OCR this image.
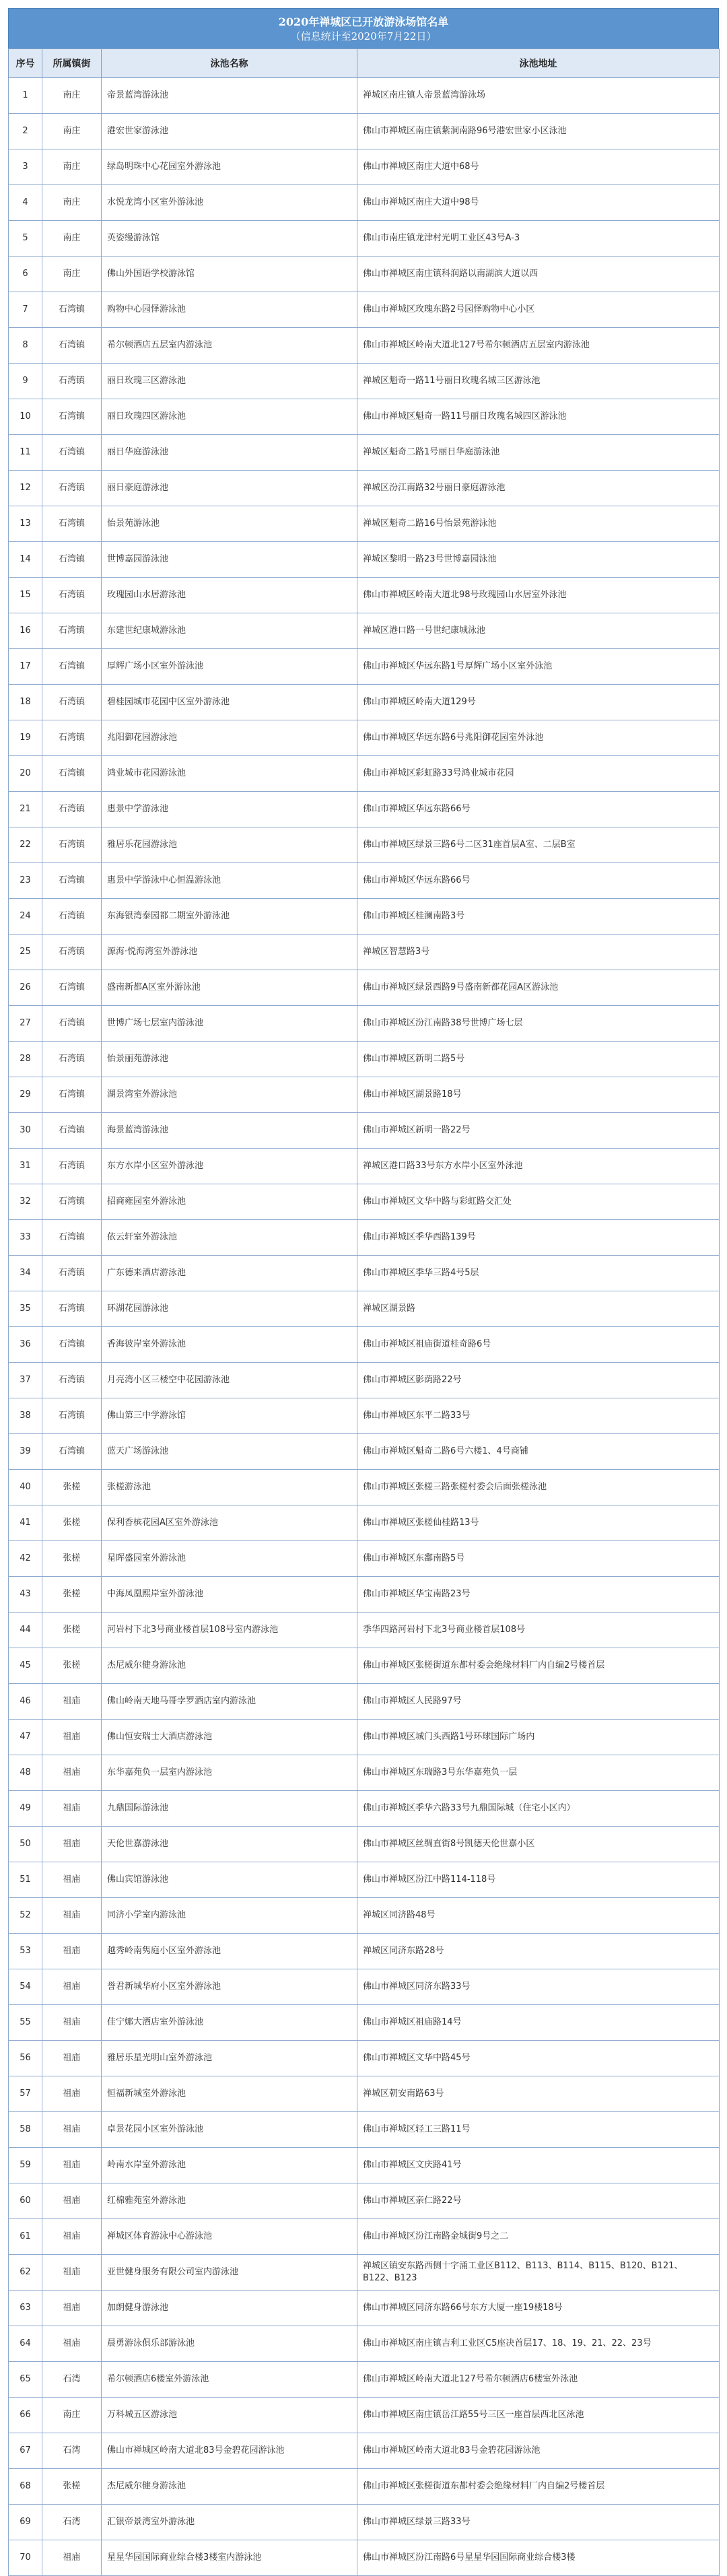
2020年禅城区已开放游泳场馆名单
（信息统计至2020年7月22日）
序号	所属镇街	泳池名称	泳池地址
1	南庄	帝景蓝湾游泳池	禅城区南庄镇人帝景蓝湾游泳场
2	南庄	港宏世家游泳池	佛山市禅城区南庄镇紫洞南路96号港宏世家小区泳池
3	南庄	绿岛明珠中心花园室外游泳池	佛山市禅城区南庄大道中68号
4	南庄	水悦龙湾小区室外游泳池	佛山市禅城区南庄大道中98号
5	南庄	英姿缦游泳馆	佛山市南庄镇龙津村光明工业区43号A-3
6	南庄	佛山外国语学校游泳馆	佛山市禅城区南庄镇科润路以南湖滨大道以西
7	石湾镇	购物中心园怿游泳池	佛山市禅城区玫瑰东路2号园怿购物中心小区
8	石湾镇	希尔顿酒店五层室内游泳池	佛山市禅城区岭南大道北127号希尔顿酒店五层室内游泳池
9	石湾镇	丽日玫瑰三区游泳池	禅城区魁奇一路11号丽日玫瑰名城三区游泳池
10	石湾镇	丽日玫瑰四区游泳池	佛山市禅城区魁奇一路11号丽日玫瑰名城四区游泳池
11	石湾镇	丽日华庭游泳池	禅城区魁奇二路1号丽日华庭游泳池
12	石湾镇	丽日豪庭游泳池	禅城区汾江南路32号丽日豪庭游泳池
13	石湾镇	怡景苑游泳池	禅城区魁奇二路16号怡景苑游泳池
14	石湾镇	世博嘉园游泳池	禅城区黎明一路23号世博嘉园泳池
15	石湾镇	玫瑰园山水居游泳池	佛山市禅城区岭南大道北98号玫瑰园山水居室外泳池
16	石湾镇	东建世纪康城游泳池	禅城区港口路一号世纪康城泳池
17	石湾镇	厚辉广场小区室外游泳池	佛山市禅城区华远东路1号厚辉广场小区室外泳池
18	石湾镇	碧桂园城市花园中区室外游泳池	佛山市禅城区岭南大道129号
19	石湾镇	兆阳御花园游泳池	佛山市禅城区华远东路6号兆阳御花园室外泳池
20	石湾镇	鸿业城市花园游泳池	佛山市禅城区彩虹路33号鸿业城市花园
21	石湾镇	惠景中学游泳池	佛山市禅城区华远东路66号
22	石湾镇	雅居乐花园游泳池	佛山市禅城区绿景三路6号二区31座首层A室、二层B室
23	石湾镇	惠景中学游泳中心恒温游泳池	佛山市禅城区华远东路66号
24	石湾镇	东海银湾泰园都二期室外游泳池	佛山市禅城区桂澜南路3号
25	石湾镇	源海·悦海湾室外游泳池	禅城区智慧路3号
26	石湾镇	盛南新都A区室外游泳池	佛山市禅城区绿景西路9号盛南新都花园A区游泳池
27	石湾镇	世博广场七层室内游泳池	佛山市禅城区汾江南路38号世博广场七层
28	石湾镇	怡景丽苑游泳池	佛山市禅城区新明二路5号
29	石湾镇	湖景湾室外游泳池	佛山市禅城区湖景路18号
30	石湾镇	海景蓝湾游泳池	佛山市禅城区新明一路22号
31	石湾镇	东方水岸小区室外游泳池	禅城区港口路33号东方水岸小区室外泳池
32	石湾镇	招商雍园室外游泳池	佛山市禅城区文华中路与彩虹路交汇处
33	石湾镇	依云轩室外游泳池	佛山市禅城区季华西路139号
34	石湾镇	广东德来酒店游泳池	佛山市禅城区季华三路4号5层
35	石湾镇	环湖花园游泳池	禅城区湖景路
36	石湾镇	香海彼岸室外游泳池	佛山市禅城区祖庙街道桂奇路6号
37	石湾镇	月亮湾小区三楼空中花园游泳池	佛山市禅城区影荫路22号
38	石湾镇	佛山第三中学游泳馆	佛山市禅城区东平二路33号
39	石湾镇	蓝天广场游泳池	佛山市禅城区魁奇二路6号六楼1、4号商铺
40	张槎	张槎游泳池	佛山市禅城区张槎三路张槎村委会后面张槎泳池
41	张槎	保利香槟花园A区室外游泳池	佛山市禅城区张槎仙桂路13号
42	张槎	星晖盛园室外游泳池	佛山市禅城区东鄱南路5号
43	张槎	中海凤凰熙岸室外游泳池	佛山市禅城区华宝南路23号
44	张槎	河岩村下北3号商业楼首层108号室内游泳池	季华四路河岩村下北3号商业楼首层108号
45	张槎	杰尼威尔健身游泳池	佛山市禅城区张槎街道东都村委会绝缘材料厂内自编2号楼首层
46	祖庙	佛山岭南天地马哥孛罗酒店室内游泳池	佛山市禅城区人民路97号
47	祖庙	佛山恒安瑞士大酒店游泳池	佛山市禅城区城门头西路1号环球国际广场内
48	祖庙	东华嘉苑负一层室内游泳池	佛山市禅城区东瑞路3号东华嘉苑负一层
49	祖庙	九鼎国际游泳池	佛山市禅城区季华六路33号九鼎国际城（住宅小区内）
50	祖庙	天伦世嘉游泳池	佛山市禅城区丝绸直街8号凯德天伦世嘉小区
51	祖庙	佛山宾馆游泳池	佛山市禅城区汾江中路114-118号
52	祖庙	同济小学室内游泳池	禅城区同济路48号
53	祖庙	越秀岭南隽庭小区室外游泳池	禅城区同济东路28号
54	祖庙	誉君新城华府小区室外游泳池	佛山市禅城区同济东路33号
55	祖庙	佳宁娜大酒店室外游泳池	佛山市禅城区祖庙路14号
56	祖庙	雅居乐星光明山室外游泳池	佛山市禅城区文华中路45号
57	祖庙	恒福新城室外游泳池	禅城区朝安南路63号
58	祖庙	卓景花园小区室外游泳池	佛山市禅城区轻工三路11号
59	祖庙	岭南水岸室外游泳池	佛山市禅城区文庆路41号
60	祖庙	红棉雅苑室外游泳池	佛山市禅城区亲仁路22号
61	祖庙	禅城区体育游泳中心游泳池	佛山市禅城区汾江南路金城街9号之二
62	祖庙	亚世健身服务有限公司室内游泳池	禅城区镇安东路西侧十字涌工业区B112、B113、B114、B115、B120、B121、B122、B123
63	祖庙	加朗健身游泳池	佛山市禅城区同济东路66号东方大厦一座19楼18号
64	祖庙	晨勇游泳俱乐部游泳池	佛山市禅城区南庄镇吉利工业区C5座决首层17、18、19、21、22、23号
65	石湾	希尔顿酒店6楼室外游泳池	佛山市禅城区岭南大道北127号希尔顿酒店6楼室外泳池
66	南庄	万科城五区游泳池	佛山市禅城区南庄镇岳江路55号三区一座首层西北区泳池
67	石湾	佛山市禅城区岭南大道北83号金碧花园游泳池	佛山市禅城区岭南大道北83号金碧花园游泳池
68	张槎	杰尼威尔健身游泳池	佛山市禅城区张槎街道东都村委会绝缘材料厂内自编2号楼首层
69	石湾	汇银帝景湾室外游泳池	佛山市禅城区绿景三路33号
70	祖庙	星星华园国际商业综合楼3楼室内游泳池	佛山市禅城区汾江南路6号星星华园国际商业综合楼3楼
